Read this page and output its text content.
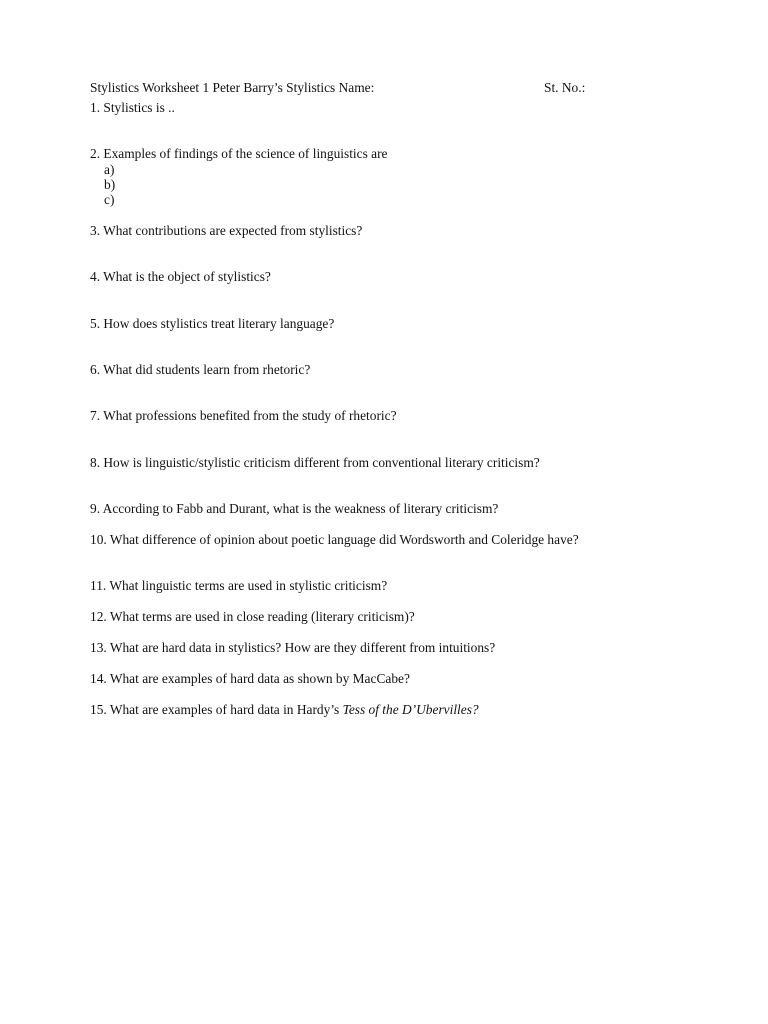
Stylistics Worksheet 1 Peter Barry’s Stylistics Name:	St. No.:
1. Stylistics is ..
2. Examples of findings of the science of linguistics are
a)
b)
c)
3. What contributions are expected from stylistics?
4. What is the object of stylistics?
5. How does stylistics treat literary language?
6. What did students learn from rhetoric?
7. What professions benefited from the study of rhetoric?
8. How is linguistic/stylistic criticism different from conventional literary criticism?
9. According to Fabb and Durant, what is the weakness of literary criticism?
10. What difference of opinion about poetic language did Wordsworth and Coleridge have?
11. What linguistic terms are used in stylistic criticism?
12. What terms are used in close reading (literary criticism)?
13. What are hard data in stylistics? How are they different from intuitions?
14. What are examples of hard data as shown by MacCabe?
15. What are examples of hard data in Hardy’s Tess of the D’Ubervilles?
